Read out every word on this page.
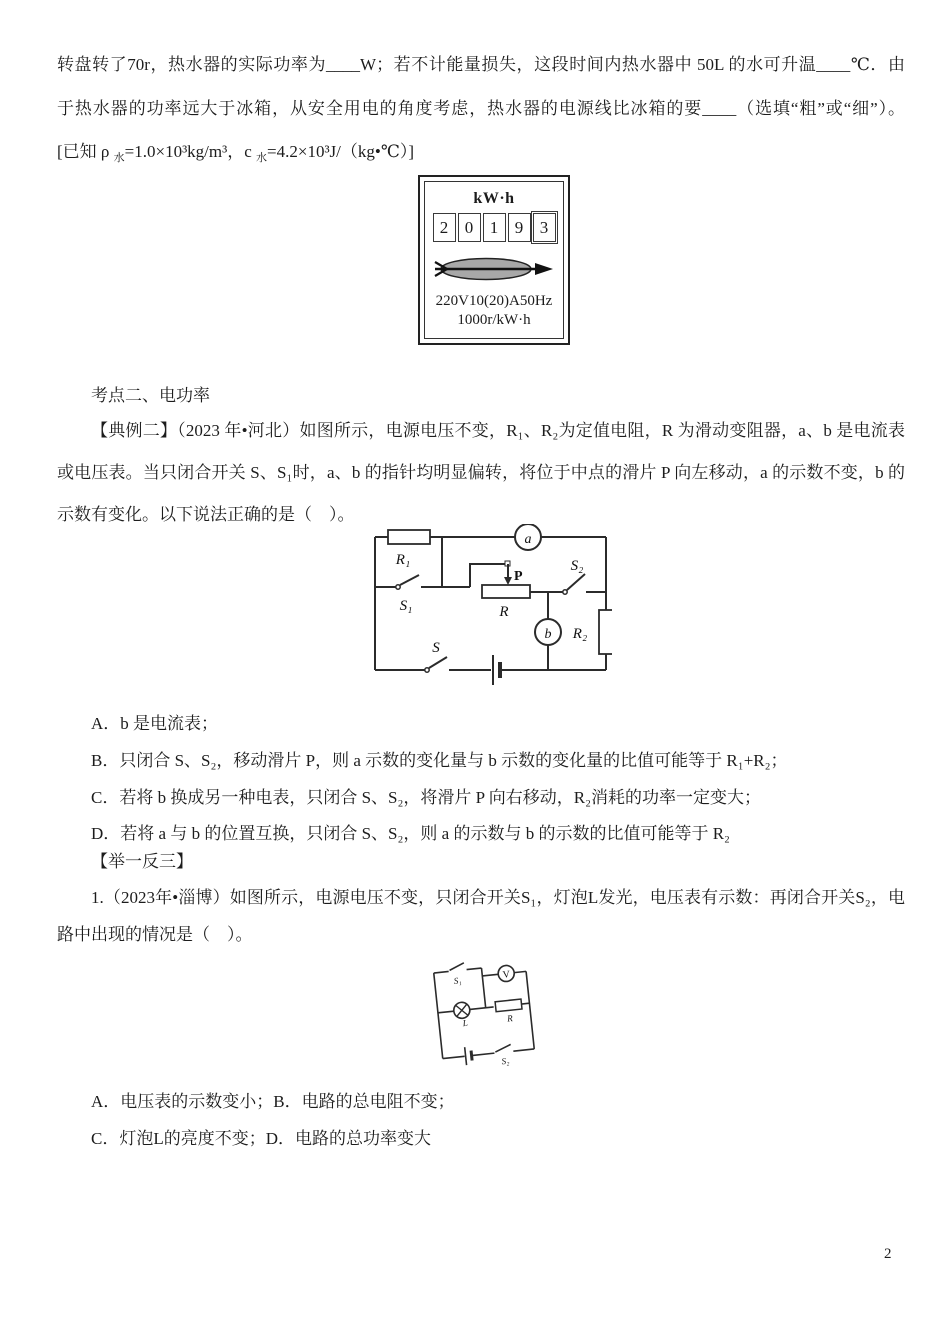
转盘转了70r，热水器的实际功率为____W；若不计能量损失，这段时间内热水器中 50L 的水可升温____℃．由
于热水器的功率远大于冰箱，从安全用电的角度考虑，热水器的电源线比冰箱的要____（选填“粗”或“细”）。
[已知 ρ $_水$=1.0×10³kg/m³，c $_水$=4.2×10³J/（kg•℃）]
kW·h
2 0 1 9 3
220V10(20)A50Hz
1000r/kW·h
考点二、电功率
【典例二】（2023 年•河北）如图所示，电源电压不变，R₁、R₂为定值电阻，R 为滑动变阻器，a、b 是电流表
或电压表。当只闭合开关 S、S₁时，a、b 的指针均明显偏转，将位于中点的滑片 P 向左移动，a 的示数不变，b 的
示数有变化。以下说法正确的是（　）。
a
b
R₁
S₁
S
P
R
S₂
R₂
A．b 是电流表；
B．只闭合 S、S₂，移动滑片 P，则 a 示数的变化量与 b 示数的变化量的比值可能等于 R₁+R₂；
C．若将 b 换成另一种电表，只闭合 S、S₂，将滑片 P 向右移动，R₂消耗的功率一定变大；
D．若将 a 与 b 的位置互换，只闭合 S、S₂，则 a 的示数与 b 的示数的比值可能等于 R₂
【举一反三】
1.（2023年•淄博）如图所示，电源电压不变，只闭合开关S₁，灯泡L发光，电压表有示数：再闭合开关S₂，电
路中出现的情况是（　）。
V
S₁
L	R
S₂
A．电压表的示数变小；B．电路的总电阻不变；
C．灯泡L的亮度不变；D．电路的总功率变大
2
